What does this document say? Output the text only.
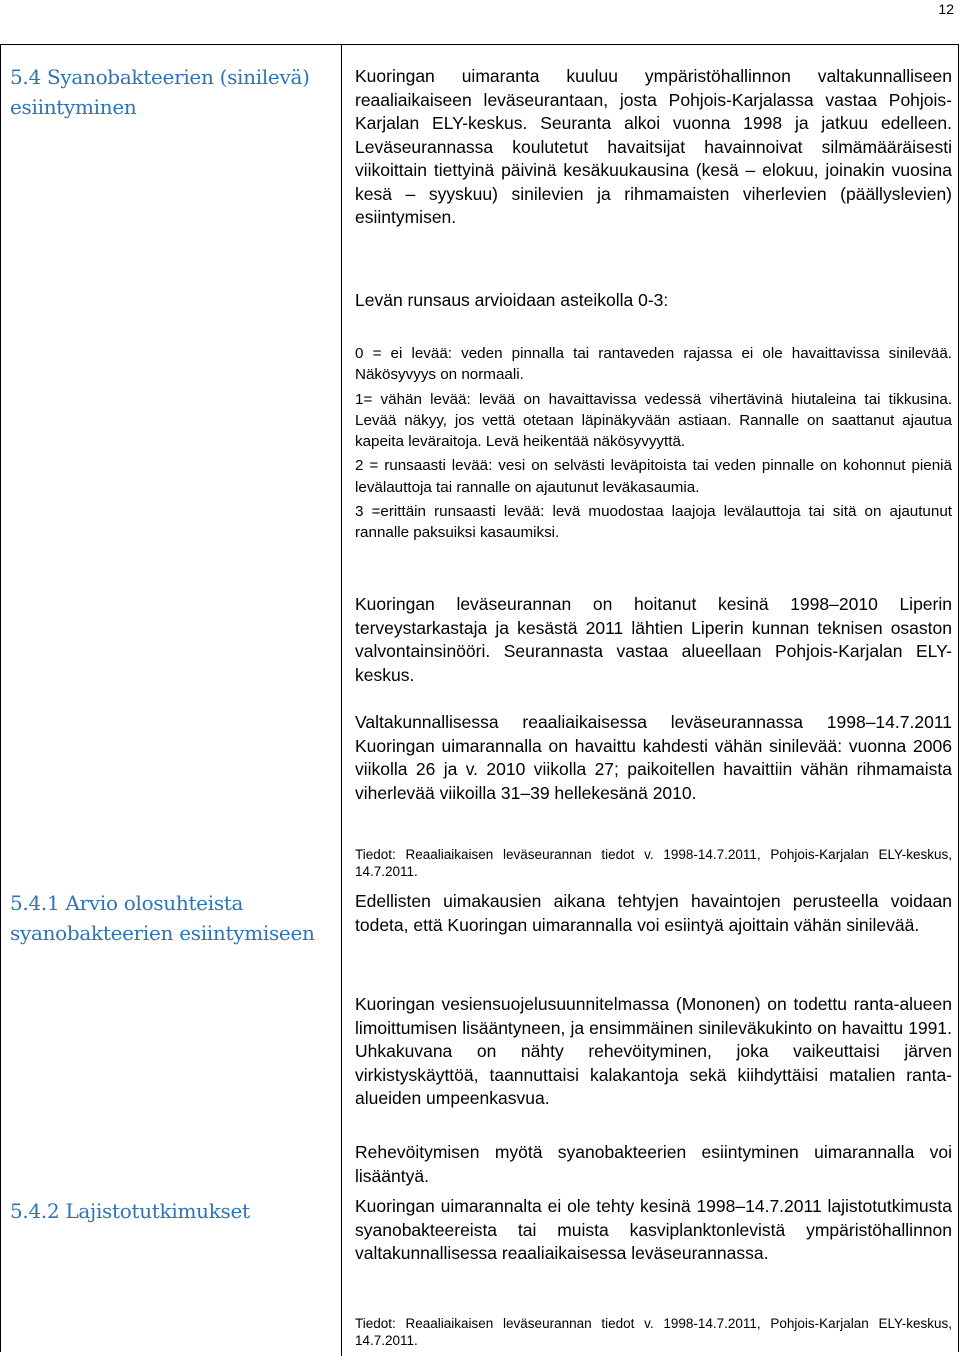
12
5.4 Syanobakteerien (sinilevä) esiintyminen
5.4.1 Arvio olosuhteista syanobakteerien esiintymiseen
5.4.2 Lajistotutkimukset

Kuoringan uimaranta kuuluu ympäristöhallinnon valtakunnalliseen reaaliaikaiseen leväseurantaan, josta Pohjois-Karjalassa vastaa Pohjois-Karjalan ELY-keskus. Seuranta alkoi vuonna 1998 ja jatkuu edelleen. Leväseurannassa koulutetut havaitsijat havainnoivat silmämääräisesti viikoittain tiettyinä päivinä kesäkuukausina (kesä – elokuu, joinakin vuosina kesä – syyskuu) sinilevien ja rihmamaisten viherlevien (päällyslevien) esiintymisen.

Levän runsaus arvioidaan asteikolla 0-3:

0 = ei levää: veden pinnalla tai rantaveden rajassa ei ole havaittavissa sinilevää. Näkösyvyys on normaali.

1= vähän levää: levää on havaittavissa vedessä vihertävinä hiutaleina tai tikkusina. Levää näkyy, jos vettä otetaan läpinäkyvään astiaan. Rannalle on saattanut ajautua kapeita leväraitoja. Levä heikentää näkösyvyyttä.

2 = runsaasti levää: vesi on selvästi leväpitoista tai veden pinnalle on kohonnut pieniä levälauttoja tai rannalle on ajautunut leväkasaumia.

3 =erittäin runsaasti levää: levä muodostaa laajoja levälauttoja tai sitä on ajautunut rannalle paksuiksi kasaumiksi.

Kuoringan leväseurannan on hoitanut kesinä 1998–2010 Liperin terveystarkastaja ja kesästä 2011 lähtien Liperin kunnan teknisen osaston valvontainsinööri. Seurannasta vastaa alueellaan Pohjois-Karjalan ELY-keskus.

Valtakunnallisessa reaaliaikaisessa leväseurannassa 1998–14.7.2011 Kuoringan uimarannalla on havaittu kahdesti vähän sinilevää: vuonna 2006 viikolla 26 ja v. 2010 viikolla 27; paikoitellen havaittiin vähän rihmamaista viherlevää viikoilla 31–39 hellekesänä 2010.

Tiedot: Reaaliaikaisen leväseurannan tiedot v. 1998-14.7.2011, Pohjois-Karjalan ELY-keskus, 14.7.2011.

Edellisten uimakausien aikana tehtyjen havaintojen perusteella voidaan todeta, että Kuoringan uimarannalla voi esiintyä ajoittain vähän sinilevää.

Kuoringan vesiensuojelusuunnitelmassa (Mononen) on todettu ranta-alueen limoittumisen lisääntyneen, ja ensimmäinen sinileväkukinto on havaittu 1991. Uhkakuvana on nähty rehevöityminen, joka vaikeuttaisi järven virkistyskäyttöä, taannuttaisi kalakantoja sekä kiihdyttäisi matalien ranta-alueiden umpeenkasvua.

Rehevöitymisen myötä syanobakteerien esiintyminen uimarannalla voi lisääntyä.

Kuoringan uimarannalta ei ole tehty kesinä 1998–14.7.2011 lajistotutkimusta syanobakteereista tai muista kasviplanktonlevistä ympäristöhallinnon valtakunnallisessa reaaliaikaisessa leväseurannassa.

Tiedot: Reaaliaikaisen leväseurannan tiedot v. 1998-14.7.2011, Pohjois-Karjalan ELY-keskus, 14.7.2011.
